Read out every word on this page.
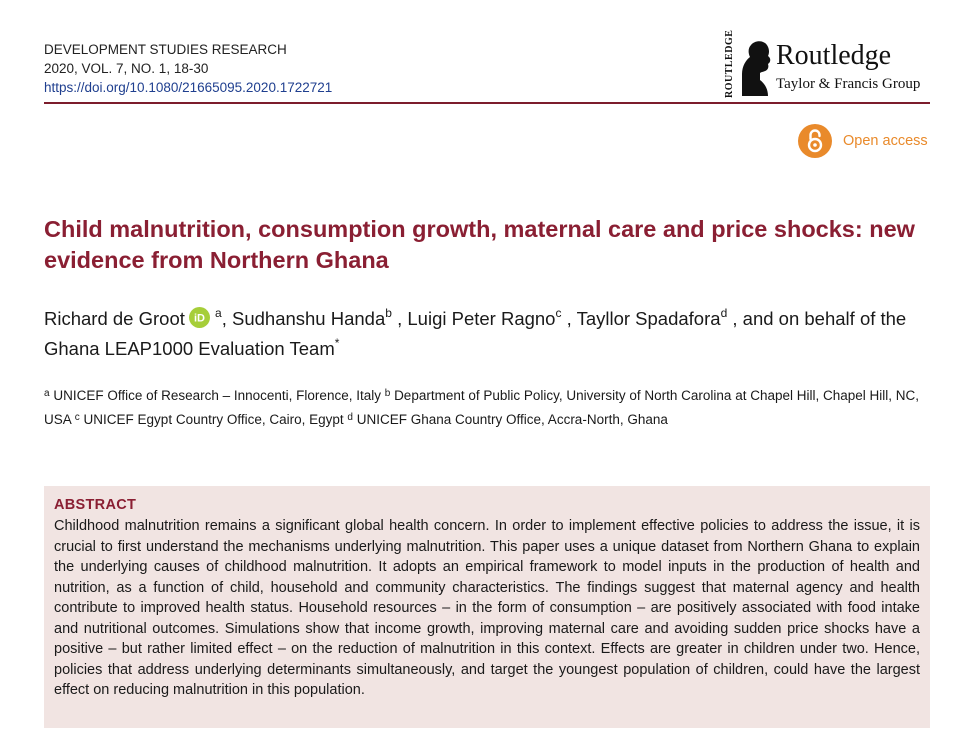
DEVELOPMENT STUDIES RESEARCH
2020, VOL. 7, NO. 1, 18-30
https://doi.org/10.1080/21665095.2020.1722721	ROUTLEDGE Routledge
Taylor & Francis Group
Open access
Child malnutrition, consumption growth, maternal care and price shocks: new evidence from Northern Ghana
Richard de Groot iD $^a$, Sudhanshu Handa$^b$ , Luigi Peter Ragno$^c$ , Tayllor Spadafora$^d$ , and on behalf of the Ghana LEAP1000 Evaluation Team*
$^a$ UNICEF Office of Research – Innocenti, Florence, Italy $^b$ Department of Public Policy, University of North Carolina at Chapel Hill, Chapel Hill, NC, USA $^c$ UNICEF Egypt Country Office, Cairo, Egypt $^d$ UNICEF Ghana Country Office, Accra-North, Ghana
ABSTRACT
Childhood malnutrition remains a significant global health concern. In order to implement effective policies to address the issue, it is crucial to first understand the mechanisms underlying malnutrition. This paper uses a unique dataset from Northern Ghana to explain the underlying causes of childhood malnutrition. It adopts an empirical framework to model inputs in the production of health and nutrition, as a function of child, household and community characteristics. The findings suggest that maternal agency and health contribute to improved health status. Household resources – in the form of consumption – are positively associated with food intake and nutritional outcomes. Simulations show that income growth, improving maternal care and avoiding sudden price shocks have a positive – but rather limited effect – on the reduction of malnutrition in this context. Effects are greater in children under two. Hence, policies that address underlying determinants simultaneously, and target the youngest population of children, could have the largest effect on reducing malnutrition in this population.
